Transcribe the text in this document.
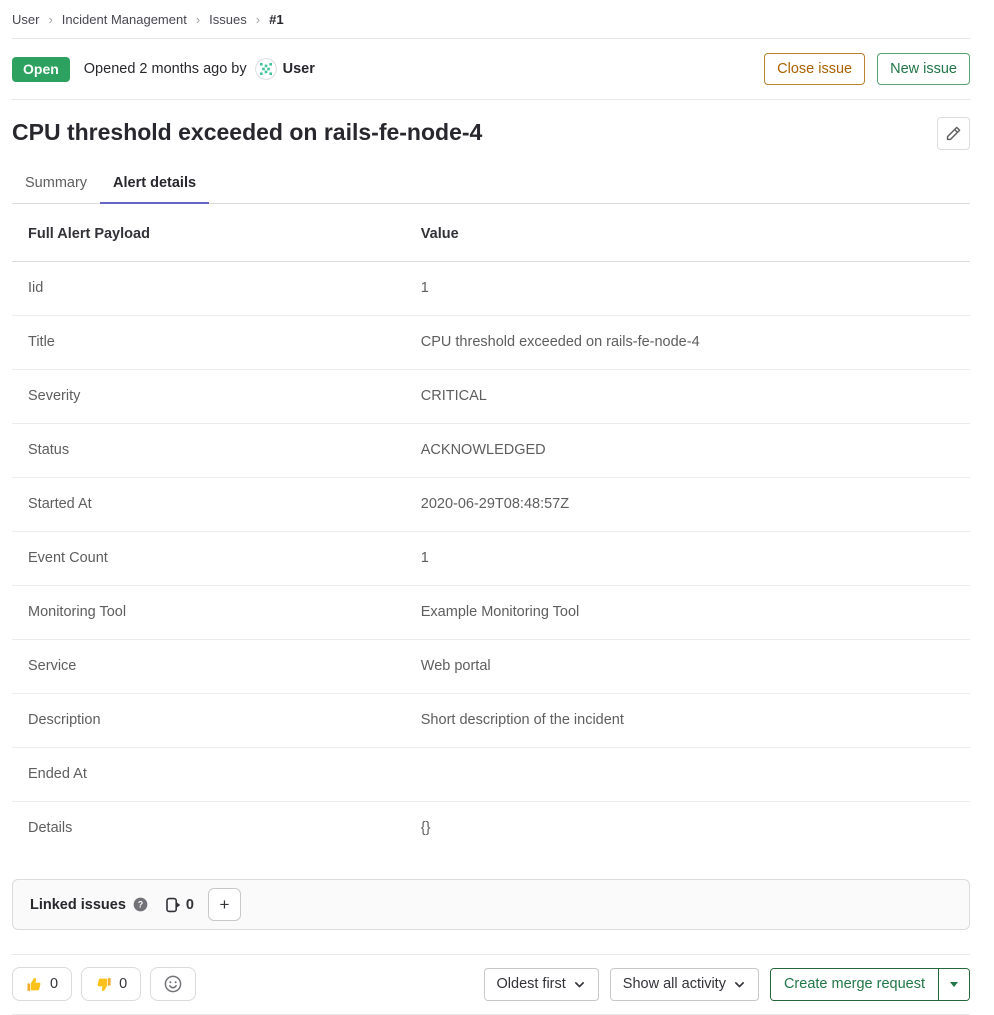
User › Incident Management › Issues › #1
Open	Opened 2 months ago by User	Close issue	New issue
CPU threshold exceeded on rails-fe-node-4
Summary	Alert details
Full Alert Payload	Value
Iid	1
Title	CPU threshold exceeded on rails-fe-node-4
Severity	CRITICAL
Status	ACKNOWLEDGED
Started At	2020-06-29T08:48:57Z
Event Count	1
Monitoring Tool	Example Monitoring Tool
Service	Web portal
Description	Short description of the incident
Ended At	
Details	{}
Linked issues ?	0	+
0	0	Oldest first	Show all activity	Create merge request
